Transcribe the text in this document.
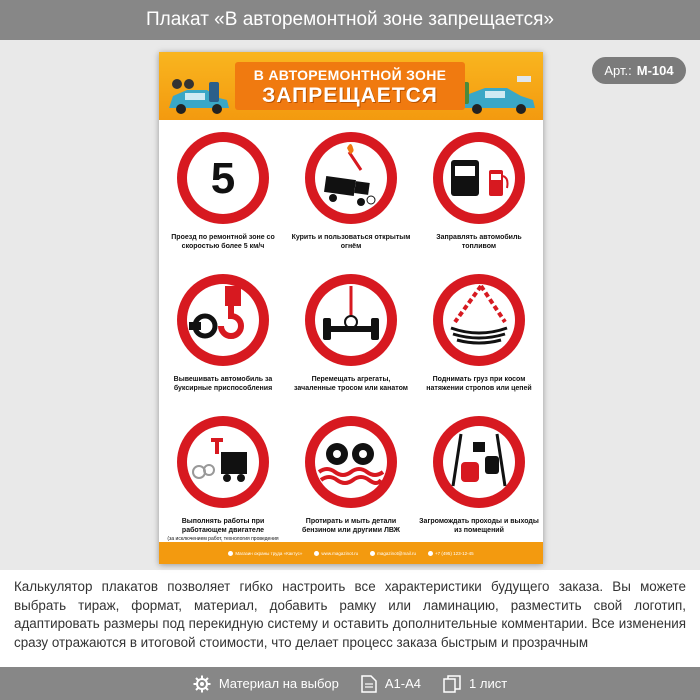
Плакат «В авторемонтной зоне запрещается»
Арт.: М-104
В АВТОРЕМОНТНОЙ ЗОНЕ
ЗАПРЕЩАЕТСЯ
5
Проезд по ремонтной зоне со скоростью более 5 км/ч
Курить и пользоваться открытым огнём
Заправлять автомобиль топливом
Вывешивать автомобиль за буксирные приспособления
Перемещать агрегаты, зачаленные тросом или канатом
Поднимать груз при косом натяжении стропов или цепей
Выполнять работы при работающем двигателе
(за исключением работ, технология проведения
Протирать и мыть детали бензином или другими ЛВЖ
Загромождать проходы и выходы из помещений
Магазин охраны труда «Кактус»	www.magazinot.ru	magazinot@mail.ru	+7 (495) 123-12-45
Калькулятор плакатов позволяет гибко настроить все характеристики будущего заказа. Вы можете выбрать тираж, формат, материал, добавить рамку или ламинацию, разместить свой логотип, адаптировать размеры под перекидную систему и оставить дополнительные комментарии. Все изменения сразу отражаются в итоговой стоимости, что делает процесс заказа быстрым и прозрачным
Материал на выбор	А1-А4	1 лист
